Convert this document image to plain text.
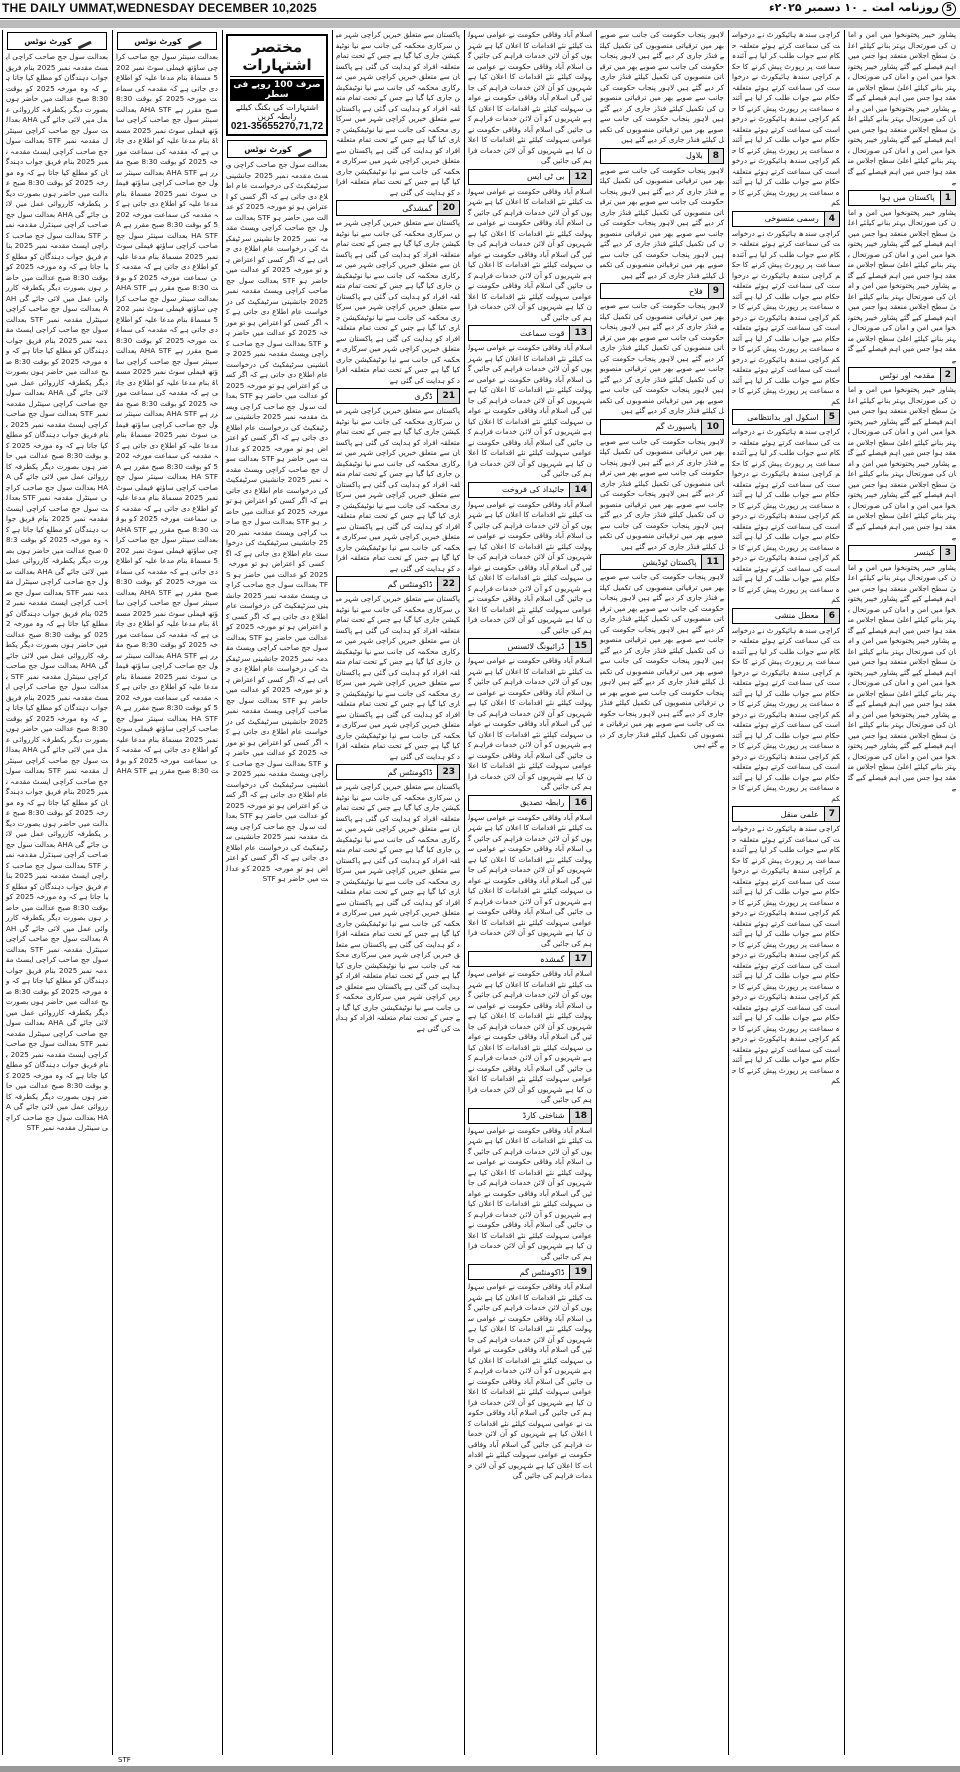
THE DAILY UMMAT,WEDNESDAY DECEMBER 10,2025	5روزنامہ امت ۔ ۱۰ دسمبر ۲۰۲۵ء
کورٹ نوٹس
بعدالت سول جج صاحب کراچی ایسٹ مقدمہ نمبر 2025 بنام فریق جواب دہندگان کو مطلع کیا جاتا ہے کہ وہ مورخہ 2025 کو بوقت 8:30 صبح عدالت میں حاضر ہوں بصورت دیگر یکطرفہ کارروائی عمل میں لائی جائے گی AHA بعدالت سول جج صاحب کراچی سینٹرل مقدمہ نمبر STF بعدالت سول جج صاحب کراچی ایسٹ مقدمہ نمبر 2025 بنام فریق جواب دہندگان کو مطلع کیا جاتا ہے کہ وہ مورخہ 2025 کو بوقت 8:30 صبح عدالت میں حاضر ہوں بصورت دیگر یکطرفہ کارروائی عمل میں لائی جائے گی AHA بعدالت سول جج صاحب کراچی سینٹرل مقدمہ نمبر STF بعدالت سول جج صاحب کراچی ایسٹ مقدمہ نمبر 2025 بنام فریق جواب دہندگان کو مطلع کیا جاتا ہے کہ وہ مورخہ 2025 کو بوقت 8:30 صبح عدالت میں حاضر ہوں بصورت دیگر یکطرفہ کارروائی عمل میں لائی جائے گی AHA بعدالت سول جج صاحب کراچی سینٹرل مقدمہ نمبر STF بعدالت سول جج صاحب کراچی ایسٹ مقدمہ نمبر 2025 بنام فریق جواب دہندگان کو مطلع کیا جاتا ہے کہ وہ مورخہ 2025 کو بوقت 8:30 صبح عدالت میں حاضر ہوں بصورت دیگر یکطرفہ کارروائی عمل میں لائی جائے گی AHA بعدالت سول جج صاحب کراچی سینٹرل مقدمہ نمبر STF بعدالت سول جج صاحب کراچی ایسٹ مقدمہ نمبر 2025 بنام فریق جواب دہندگان کو مطلع کیا جاتا ہے کہ وہ مورخہ 2025 کو بوقت 8:30 صبح عدالت میں حاضر ہوں بصورت دیگر یکطرفہ کارروائی عمل میں لائی جائے گی AHA بعدالت سول جج صاحب کراچی سینٹرل مقدمہ نمبر STF بعدالت سول جج صاحب کراچی ایسٹ مقدمہ نمبر 2025 بنام فریق جواب دہندگان کو مطلع کیا جاتا ہے کہ وہ مورخہ 2025 کو بوقت 8:30 صبح عدالت میں حاضر ہوں بصورت دیگر یکطرفہ کارروائی عمل میں لائی جائے گی AHA بعدالت سول جج صاحب کراچی سینٹرل مقدمہ نمبر STF بعدالت سول جج صاحب کراچی ایسٹ مقدمہ نمبر 2025 بنام فریق جواب دہندگان کو مطلع کیا جاتا ہے کہ وہ مورخہ 2025 کو بوقت 8:30 صبح عدالت میں حاضر ہوں بصورت دیگر یکطرفہ کارروائی عمل میں لائی جائے گی AHA بعدالت سول جج صاحب کراچی سینٹرل مقدمہ نمبر STF بعدالت سول جج صاحب کراچی ایسٹ مقدمہ نمبر 2025 بنام فریق جواب دہندگان کو مطلع کیا جاتا ہے کہ وہ مورخہ 2025 کو بوقت 8:30 صبح عدالت میں حاضر ہوں بصورت دیگر یکطرفہ کارروائی عمل میں لائی جائے گی AHA بعدالت سول جج صاحب کراچی سینٹرل مقدمہ نمبر STF بعدالت سول جج صاحب کراچی ایسٹ مقدمہ نمبر 2025 بنام فریق جواب دہندگان کو مطلع کیا جاتا ہے کہ وہ مورخہ 2025 کو بوقت 8:30 صبح عدالت میں حاضر ہوں بصورت دیگر یکطرفہ کارروائی عمل میں لائی جائے گی AHA بعدالت سول جج صاحب کراچی سینٹرل مقدمہ نمبر STF بعدالت سول جج صاحب کراچی ایسٹ مقدمہ نمبر 2025 بنام فریق جواب دہندگان کو مطلع کیا جاتا ہے کہ وہ مورخہ 2025 کو بوقت 8:30 صبح عدالت میں حاضر ہوں بصورت دیگر یکطرفہ کارروائی عمل میں لائی جائے گی AHA بعدالت سول جج صاحب کراچی سینٹرل مقدمہ نمبر STF بعدالت سول جج صاحب کراچی ایسٹ مقدمہ نمبر 2025 بنام فریق جواب دہندگان کو مطلع کیا جاتا ہے کہ وہ مورخہ 2025 کو بوقت 8:30 صبح عدالت میں حاضر ہوں بصورت دیگر یکطرفہ کارروائی عمل میں لائی جائے گی AHA بعدالت سول جج صاحب کراچی سینٹرل مقدمہ نمبر STF بعدالت سول جج صاحب کراچی ایسٹ مقدمہ نمبر 2025 بنام فریق جواب دہندگان کو مطلع کیا جاتا ہے کہ وہ مورخہ 2025 کو بوقت 8:30 صبح عدالت میں حاضر ہوں بصورت دیگر یکطرفہ کارروائی عمل میں لائی جائے گی AHA بعدالت سول جج صاحب کراچی سینٹرل مقدمہ نمبر STF
کورٹ نوٹس
بعدالت سینئر سول جج صاحب کراچی ساؤتھ فیملی سوٹ نمبر 2025 مسماۃ بنام مدعا علیہ کو اطلاع دی جاتی ہے کہ مقدمہ کی سماعت مورخہ 2025 کو بوقت 8:30 صبح مقرر ہے AHA STF بعدالت سینئر سول جج صاحب کراچی ساؤتھ فیملی سوٹ نمبر 2025 مسماۃ بنام مدعا علیہ کو اطلاع دی جاتی ہے کہ مقدمہ کی سماعت مورخہ 2025 کو بوقت 8:30 صبح مقرر ہے AHA STF بعدالت سینئر سول جج صاحب کراچی ساؤتھ فیملی سوٹ نمبر 2025 مسماۃ بنام مدعا علیہ کو اطلاع دی جاتی ہے کہ مقدمہ کی سماعت مورخہ 2025 کو بوقت 8:30 صبح مقرر ہے AHA STF بعدالت سینئر سول جج صاحب کراچی ساؤتھ فیملی سوٹ نمبر 2025 مسماۃ بنام مدعا علیہ کو اطلاع دی جاتی ہے کہ مقدمہ کی سماعت مورخہ 2025 کو بوقت 8:30 صبح مقرر ہے AHA STF بعدالت سینئر سول جج صاحب کراچی ساؤتھ فیملی سوٹ نمبر 2025 مسماۃ بنام مدعا علیہ کو اطلاع دی جاتی ہے کہ مقدمہ کی سماعت مورخہ 2025 کو بوقت 8:30 صبح مقرر ہے AHA STF بعدالت سینئر سول جج صاحب کراچی ساؤتھ فیملی سوٹ نمبر 2025 مسماۃ بنام مدعا علیہ کو اطلاع دی جاتی ہے کہ مقدمہ کی سماعت مورخہ 2025 کو بوقت 8:30 صبح مقرر ہے AHA STF بعدالت سینئر سول جج صاحب کراچی ساؤتھ فیملی سوٹ نمبر 2025 مسماۃ بنام مدعا علیہ کو اطلاع دی جاتی ہے کہ مقدمہ کی سماعت مورخہ 2025 کو بوقت 8:30 صبح مقرر ہے AHA STF بعدالت سینئر سول جج صاحب کراچی ساؤتھ فیملی سوٹ نمبر 2025 مسماۃ بنام مدعا علیہ کو اطلاع دی جاتی ہے کہ مقدمہ کی سماعت مورخہ 2025 کو بوقت 8:30 صبح مقرر ہے AHA STF بعدالت سینئر سول جج صاحب کراچی ساؤتھ فیملی سوٹ نمبر 2025 مسماۃ بنام مدعا علیہ کو اطلاع دی جاتی ہے کہ مقدمہ کی سماعت مورخہ 2025 کو بوقت 8:30 صبح مقرر ہے AHA STF بعدالت سینئر سول جج صاحب کراچی ساؤتھ فیملی سوٹ نمبر 2025 مسماۃ بنام مدعا علیہ کو اطلاع دی جاتی ہے کہ مقدمہ کی سماعت مورخہ 2025 کو بوقت 8:30 صبح مقرر ہے AHA STF بعدالت سینئر سول جج صاحب کراچی ساؤتھ فیملی سوٹ نمبر 2025 مسماۃ بنام مدعا علیہ کو اطلاع دی جاتی ہے کہ مقدمہ کی سماعت مورخہ 2025 کو بوقت 8:30 صبح مقرر ہے AHA STF بعدالت سینئر سول جج صاحب کراچی ساؤتھ فیملی سوٹ نمبر 2025 مسماۃ بنام مدعا علیہ کو اطلاع دی جاتی ہے کہ مقدمہ کی سماعت مورخہ 2025 کو بوقت 8:30 صبح مقرر ہے AHA STF
مختصر اشتہارات
صرف 100 روپے فی سطر
اشتہارات کی بکنگ کیلئے رابطہ کریں
021-35655270,71,72
کورٹ نوٹس
بعدالت سول جج صاحب کراچی ویسٹ مقدمہ نمبر 2025 جانشینی سرٹیفکیٹ کی درخواست عام اطلاع دی جاتی ہے کہ اگر کسی کو اعتراض ہو تو مورخہ 2025 کو عدالت میں حاضر ہو STF بعدالت سول جج صاحب کراچی ویسٹ مقدمہ نمبر 2025 جانشینی سرٹیفکیٹ کی درخواست عام اطلاع دی جاتی ہے کہ اگر کسی کو اعتراض ہو تو مورخہ 2025 کو عدالت میں حاضر ہو STF بعدالت سول جج صاحب کراچی ویسٹ مقدمہ نمبر 2025 جانشینی سرٹیفکیٹ کی درخواست عام اطلاع دی جاتی ہے کہ اگر کسی کو اعتراض ہو تو مورخہ 2025 کو عدالت میں حاضر ہو STF بعدالت سول جج صاحب کراچی ویسٹ مقدمہ نمبر 2025 جانشینی سرٹیفکیٹ کی درخواست عام اطلاع دی جاتی ہے کہ اگر کسی کو اعتراض ہو تو مورخہ 2025 کو عدالت میں حاضر ہو STF بعدالت سول جج صاحب کراچی ویسٹ مقدمہ نمبر 2025 جانشینی سرٹیفکیٹ کی درخواست عام اطلاع دی جاتی ہے کہ اگر کسی کو اعتراض ہو تو مورخہ 2025 کو عدالت میں حاضر ہو STF بعدالت سول جج صاحب کراچی ویسٹ مقدمہ نمبر 2025 جانشینی سرٹیفکیٹ کی درخواست عام اطلاع دی جاتی ہے کہ اگر کسی کو اعتراض ہو تو مورخہ 2025 کو عدالت میں حاضر ہو STF بعدالت سول جج صاحب کراچی ویسٹ مقدمہ نمبر 2025 جانشینی سرٹیفکیٹ کی درخواست عام اطلاع دی جاتی ہے کہ اگر کسی کو اعتراض ہو تو مورخہ 2025 کو عدالت میں حاضر ہو STF بعدالت سول جج صاحب کراچی ویسٹ مقدمہ نمبر 2025 جانشینی سرٹیفکیٹ کی درخواست عام اطلاع دی جاتی ہے کہ اگر کسی کو اعتراض ہو تو مورخہ 2025 کو عدالت میں حاضر ہو STF بعدالت سول جج صاحب کراچی ویسٹ مقدمہ نمبر 2025 جانشینی سرٹیفکیٹ کی درخواست عام اطلاع دی جاتی ہے کہ اگر کسی کو اعتراض ہو تو مورخہ 2025 کو عدالت میں حاضر ہو STF بعدالت سول جج صاحب کراچی ویسٹ مقدمہ نمبر 2025 جانشینی سرٹیفکیٹ کی درخواست عام اطلاع دی جاتی ہے کہ اگر کسی کو اعتراض ہو تو مورخہ 2025 کو عدالت میں حاضر ہو STF بعدالت سول جج صاحب کراچی ویسٹ مقدمہ نمبر 2025 جانشینی سرٹیفکیٹ کی درخواست عام اطلاع دی جاتی ہے کہ اگر کسی کو اعتراض ہو تو مورخہ 2025 کو عدالت میں حاضر ہو STF بعدالت سول جج صاحب کراچی ویسٹ مقدمہ نمبر 2025 جانشینی سرٹیفکیٹ کی درخواست عام اطلاع دی جاتی ہے کہ اگر کسی کو اعتراض ہو تو مورخہ 2025 کو عدالت میں حاضر ہو STF
پاکستان سے متعلق خبریں کراچی شہر میں سرکاری محکمہ کی جانب سے نیا نوٹیفکیشن جاری کیا گیا ہے جس کے تحت تمام متعلقہ افراد کو ہدایت کی گئی ہے پاکستان سے متعلق خبریں کراچی شہر میں سرکاری محکمہ کی جانب سے نیا نوٹیفکیشن جاری کیا گیا ہے جس کے تحت تمام متعلقہ افراد کو ہدایت کی گئی ہے پاکستان سے متعلق خبریں کراچی شہر میں سرکاری محکمہ کی جانب سے نیا نوٹیفکیشن جاری کیا گیا ہے جس کے تحت تمام متعلقہ افراد کو ہدایت کی گئی ہے پاکستان سے متعلق خبریں کراچی شہر میں سرکاری محکمہ کی جانب سے نیا نوٹیفکیشن جاری کیا گیا ہے جس کے تحت تمام متعلقہ افراد کو ہدایت کی گئی ہے
20
گمشدگی
پاکستان سے متعلق خبریں کراچی شہر میں سرکاری محکمہ کی جانب سے نیا نوٹیفکیشن جاری کیا گیا ہے جس کے تحت تمام متعلقہ افراد کو ہدایت کی گئی ہے پاکستان سے متعلق خبریں کراچی شہر میں سرکاری محکمہ کی جانب سے نیا نوٹیفکیشن جاری کیا گیا ہے جس کے تحت تمام متعلقہ افراد کو ہدایت کی گئی ہے پاکستان سے متعلق خبریں کراچی شہر میں سرکاری محکمہ کی جانب سے نیا نوٹیفکیشن جاری کیا گیا ہے جس کے تحت تمام متعلقہ افراد کو ہدایت کی گئی ہے پاکستان سے متعلق خبریں کراچی شہر میں سرکاری محکمہ کی جانب سے نیا نوٹیفکیشن جاری کیا گیا ہے جس کے تحت تمام متعلقہ افراد کو ہدایت کی گئی ہے
21
ڈگری
پاکستان سے متعلق خبریں کراچی شہر میں سرکاری محکمہ کی جانب سے نیا نوٹیفکیشن جاری کیا گیا ہے جس کے تحت تمام متعلقہ افراد کو ہدایت کی گئی ہے پاکستان سے متعلق خبریں کراچی شہر میں سرکاری محکمہ کی جانب سے نیا نوٹیفکیشن جاری کیا گیا ہے جس کے تحت تمام متعلقہ افراد کو ہدایت کی گئی ہے پاکستان سے متعلق خبریں کراچی شہر میں سرکاری محکمہ کی جانب سے نیا نوٹیفکیشن جاری کیا گیا ہے جس کے تحت تمام متعلقہ افراد کو ہدایت کی گئی ہے پاکستان سے متعلق خبریں کراچی شہر میں سرکاری محکمہ کی جانب سے نیا نوٹیفکیشن جاری کیا گیا ہے جس کے تحت تمام متعلقہ افراد کو ہدایت کی گئی ہے
22
ڈاکومنٹس گم
پاکستان سے متعلق خبریں کراچی شہر میں سرکاری محکمہ کی جانب سے نیا نوٹیفکیشن جاری کیا گیا ہے جس کے تحت تمام متعلقہ افراد کو ہدایت کی گئی ہے پاکستان سے متعلق خبریں کراچی شہر میں سرکاری محکمہ کی جانب سے نیا نوٹیفکیشن جاری کیا گیا ہے جس کے تحت تمام متعلقہ افراد کو ہدایت کی گئی ہے پاکستان سے متعلق خبریں کراچی شہر میں سرکاری محکمہ کی جانب سے نیا نوٹیفکیشن جاری کیا گیا ہے جس کے تحت تمام متعلقہ افراد کو ہدایت کی گئی ہے پاکستان سے متعلق خبریں کراچی شہر میں سرکاری محکمہ کی جانب سے نیا نوٹیفکیشن جاری کیا گیا ہے جس کے تحت تمام متعلقہ افراد کو ہدایت کی گئی ہے
23
ڈاکومنٹس گم
پاکستان سے متعلق خبریں کراچی شہر میں سرکاری محکمہ کی جانب سے نیا نوٹیفکیشن جاری کیا گیا ہے جس کے تحت تمام متعلقہ افراد کو ہدایت کی گئی ہے پاکستان سے متعلق خبریں کراچی شہر میں سرکاری محکمہ کی جانب سے نیا نوٹیفکیشن جاری کیا گیا ہے جس کے تحت تمام متعلقہ افراد کو ہدایت کی گئی ہے پاکستان سے متعلق خبریں کراچی شہر میں سرکاری محکمہ کی جانب سے نیا نوٹیفکیشن جاری کیا گیا ہے جس کے تحت تمام متعلقہ افراد کو ہدایت کی گئی ہے پاکستان سے متعلق خبریں کراچی شہر میں سرکاری محکمہ کی جانب سے نیا نوٹیفکیشن جاری کیا گیا ہے جس کے تحت تمام متعلقہ افراد کو ہدایت کی گئی ہے پاکستان سے متعلق خبریں کراچی شہر میں سرکاری محکمہ کی جانب سے نیا نوٹیفکیشن جاری کیا گیا ہے جس کے تحت تمام متعلقہ افراد کو ہدایت کی گئی ہے پاکستان سے متعلق خبریں کراچی شہر میں سرکاری محکمہ کی جانب سے نیا نوٹیفکیشن جاری کیا گیا ہے جس کے تحت تمام متعلقہ افراد کو ہدایت کی گئی ہے
اسلام آباد وفاقی حکومت نے عوامی سہولت کیلئے نئے اقدامات کا اعلان کیا ہے شہریوں کو آن لائن خدمات فراہم کی جائیں گی اسلام آباد وفاقی حکومت نے عوامی سہولت کیلئے نئے اقدامات کا اعلان کیا ہے شہریوں کو آن لائن خدمات فراہم کی جائیں گی اسلام آباد وفاقی حکومت نے عوامی سہولت کیلئے نئے اقدامات کا اعلان کیا ہے شہریوں کو آن لائن خدمات فراہم کی جائیں گی اسلام آباد وفاقی حکومت نے عوامی سہولت کیلئے نئے اقدامات کا اعلان کیا ہے شہریوں کو آن لائن خدمات فراہم کی جائیں گی
12
بی ٹی ایس
اسلام آباد وفاقی حکومت نے عوامی سہولت کیلئے نئے اقدامات کا اعلان کیا ہے شہریوں کو آن لائن خدمات فراہم کی جائیں گی اسلام آباد وفاقی حکومت نے عوامی سہولت کیلئے نئے اقدامات کا اعلان کیا ہے شہریوں کو آن لائن خدمات فراہم کی جائیں گی اسلام آباد وفاقی حکومت نے عوامی سہولت کیلئے نئے اقدامات کا اعلان کیا ہے شہریوں کو آن لائن خدمات فراہم کی جائیں گی اسلام آباد وفاقی حکومت نے عوامی سہولت کیلئے نئے اقدامات کا اعلان کیا ہے شہریوں کو آن لائن خدمات فراہم کی جائیں گی
13
قوت سماعت
اسلام آباد وفاقی حکومت نے عوامی سہولت کیلئے نئے اقدامات کا اعلان کیا ہے شہریوں کو آن لائن خدمات فراہم کی جائیں گی اسلام آباد وفاقی حکومت نے عوامی سہولت کیلئے نئے اقدامات کا اعلان کیا ہے شہریوں کو آن لائن خدمات فراہم کی جائیں گی اسلام آباد وفاقی حکومت نے عوامی سہولت کیلئے نئے اقدامات کا اعلان کیا ہے شہریوں کو آن لائن خدمات فراہم کی جائیں گی اسلام آباد وفاقی حکومت نے عوامی سہولت کیلئے نئے اقدامات کا اعلان کیا ہے شہریوں کو آن لائن خدمات فراہم کی جائیں گی
14
جائیداد کی فروخت
اسلام آباد وفاقی حکومت نے عوامی سہولت کیلئے نئے اقدامات کا اعلان کیا ہے شہریوں کو آن لائن خدمات فراہم کی جائیں گی اسلام آباد وفاقی حکومت نے عوامی سہولت کیلئے نئے اقدامات کا اعلان کیا ہے شہریوں کو آن لائن خدمات فراہم کی جائیں گی اسلام آباد وفاقی حکومت نے عوامی سہولت کیلئے نئے اقدامات کا اعلان کیا ہے شہریوں کو آن لائن خدمات فراہم کی جائیں گی اسلام آباد وفاقی حکومت نے عوامی سہولت کیلئے نئے اقدامات کا اعلان کیا ہے شہریوں کو آن لائن خدمات فراہم کی جائیں گی
15
ڈرائیونگ لائسنس
اسلام آباد وفاقی حکومت نے عوامی سہولت کیلئے نئے اقدامات کا اعلان کیا ہے شہریوں کو آن لائن خدمات فراہم کی جائیں گی اسلام آباد وفاقی حکومت نے عوامی سہولت کیلئے نئے اقدامات کا اعلان کیا ہے شہریوں کو آن لائن خدمات فراہم کی جائیں گی اسلام آباد وفاقی حکومت نے عوامی سہولت کیلئے نئے اقدامات کا اعلان کیا ہے شہریوں کو آن لائن خدمات فراہم کی جائیں گی اسلام آباد وفاقی حکومت نے عوامی سہولت کیلئے نئے اقدامات کا اعلان کیا ہے شہریوں کو آن لائن خدمات فراہم کی جائیں گی
16
رابطہ تصدیق
اسلام آباد وفاقی حکومت نے عوامی سہولت کیلئے نئے اقدامات کا اعلان کیا ہے شہریوں کو آن لائن خدمات فراہم کی جائیں گی اسلام آباد وفاقی حکومت نے عوامی سہولت کیلئے نئے اقدامات کا اعلان کیا ہے شہریوں کو آن لائن خدمات فراہم کی جائیں گی اسلام آباد وفاقی حکومت نے عوامی سہولت کیلئے نئے اقدامات کا اعلان کیا ہے شہریوں کو آن لائن خدمات فراہم کی جائیں گی اسلام آباد وفاقی حکومت نے عوامی سہولت کیلئے نئے اقدامات کا اعلان کیا ہے شہریوں کو آن لائن خدمات فراہم کی جائیں گی
17
گمشدہ
اسلام آباد وفاقی حکومت نے عوامی سہولت کیلئے نئے اقدامات کا اعلان کیا ہے شہریوں کو آن لائن خدمات فراہم کی جائیں گی اسلام آباد وفاقی حکومت نے عوامی سہولت کیلئے نئے اقدامات کا اعلان کیا ہے شہریوں کو آن لائن خدمات فراہم کی جائیں گی اسلام آباد وفاقی حکومت نے عوامی سہولت کیلئے نئے اقدامات کا اعلان کیا ہے شہریوں کو آن لائن خدمات فراہم کی جائیں گی اسلام آباد وفاقی حکومت نے عوامی سہولت کیلئے نئے اقدامات کا اعلان کیا ہے شہریوں کو آن لائن خدمات فراہم کی جائیں گی
18
شناختی کارڈ
اسلام آباد وفاقی حکومت نے عوامی سہولت کیلئے نئے اقدامات کا اعلان کیا ہے شہریوں کو آن لائن خدمات فراہم کی جائیں گی اسلام آباد وفاقی حکومت نے عوامی سہولت کیلئے نئے اقدامات کا اعلان کیا ہے شہریوں کو آن لائن خدمات فراہم کی جائیں گی اسلام آباد وفاقی حکومت نے عوامی سہولت کیلئے نئے اقدامات کا اعلان کیا ہے شہریوں کو آن لائن خدمات فراہم کی جائیں گی اسلام آباد وفاقی حکومت نے عوامی سہولت کیلئے نئے اقدامات کا اعلان کیا ہے شہریوں کو آن لائن خدمات فراہم کی جائیں گی
19
ڈاکومنٹس گم
اسلام آباد وفاقی حکومت نے عوامی سہولت کیلئے نئے اقدامات کا اعلان کیا ہے شہریوں کو آن لائن خدمات فراہم کی جائیں گی اسلام آباد وفاقی حکومت نے عوامی سہولت کیلئے نئے اقدامات کا اعلان کیا ہے شہریوں کو آن لائن خدمات فراہم کی جائیں گی اسلام آباد وفاقی حکومت نے عوامی سہولت کیلئے نئے اقدامات کا اعلان کیا ہے شہریوں کو آن لائن خدمات فراہم کی جائیں گی اسلام آباد وفاقی حکومت نے عوامی سہولت کیلئے نئے اقدامات کا اعلان کیا ہے شہریوں کو آن لائن خدمات فراہم کی جائیں گی اسلام آباد وفاقی حکومت نے عوامی سہولت کیلئے نئے اقدامات کا اعلان کیا ہے شہریوں کو آن لائن خدمات فراہم کی جائیں گی اسلام آباد وفاقی حکومت نے عوامی سہولت کیلئے نئے اقدامات کا اعلان کیا ہے شہریوں کو آن لائن خدمات فراہم کی جائیں گی
لاہور پنجاب حکومت کی جانب سے صوبے بھر میں ترقیاتی منصوبوں کی تکمیل کیلئے فنڈز جاری کر دیے گئے ہیں لاہور پنجاب حکومت کی جانب سے صوبے بھر میں ترقیاتی منصوبوں کی تکمیل کیلئے فنڈز جاری کر دیے گئے ہیں لاہور پنجاب حکومت کی جانب سے صوبے بھر میں ترقیاتی منصوبوں کی تکمیل کیلئے فنڈز جاری کر دیے گئے ہیں لاہور پنجاب حکومت کی جانب سے صوبے بھر میں ترقیاتی منصوبوں کی تکمیل کیلئے فنڈز جاری کر دیے گئے ہیں
8
بلاول
لاہور پنجاب حکومت کی جانب سے صوبے بھر میں ترقیاتی منصوبوں کی تکمیل کیلئے فنڈز جاری کر دیے گئے ہیں لاہور پنجاب حکومت کی جانب سے صوبے بھر میں ترقیاتی منصوبوں کی تکمیل کیلئے فنڈز جاری کر دیے گئے ہیں لاہور پنجاب حکومت کی جانب سے صوبے بھر میں ترقیاتی منصوبوں کی تکمیل کیلئے فنڈز جاری کر دیے گئے ہیں لاہور پنجاب حکومت کی جانب سے صوبے بھر میں ترقیاتی منصوبوں کی تکمیل کیلئے فنڈز جاری کر دیے گئے ہیں
9
فلاح
لاہور پنجاب حکومت کی جانب سے صوبے بھر میں ترقیاتی منصوبوں کی تکمیل کیلئے فنڈز جاری کر دیے گئے ہیں لاہور پنجاب حکومت کی جانب سے صوبے بھر میں ترقیاتی منصوبوں کی تکمیل کیلئے فنڈز جاری کر دیے گئے ہیں لاہور پنجاب حکومت کی جانب سے صوبے بھر میں ترقیاتی منصوبوں کی تکمیل کیلئے فنڈز جاری کر دیے گئے ہیں لاہور پنجاب حکومت کی جانب سے صوبے بھر میں ترقیاتی منصوبوں کی تکمیل کیلئے فنڈز جاری کر دیے گئے ہیں
10
پاسپورٹ گم
لاہور پنجاب حکومت کی جانب سے صوبے بھر میں ترقیاتی منصوبوں کی تکمیل کیلئے فنڈز جاری کر دیے گئے ہیں لاہور پنجاب حکومت کی جانب سے صوبے بھر میں ترقیاتی منصوبوں کی تکمیل کیلئے فنڈز جاری کر دیے گئے ہیں لاہور پنجاب حکومت کی جانب سے صوبے بھر میں ترقیاتی منصوبوں کی تکمیل کیلئے فنڈز جاری کر دیے گئے ہیں لاہور پنجاب حکومت کی جانب سے صوبے بھر میں ترقیاتی منصوبوں کی تکمیل کیلئے فنڈز جاری کر دیے گئے ہیں
11
پاکستان ٹوڈیشن
لاہور پنجاب حکومت کی جانب سے صوبے بھر میں ترقیاتی منصوبوں کی تکمیل کیلئے فنڈز جاری کر دیے گئے ہیں لاہور پنجاب حکومت کی جانب سے صوبے بھر میں ترقیاتی منصوبوں کی تکمیل کیلئے فنڈز جاری کر دیے گئے ہیں لاہور پنجاب حکومت کی جانب سے صوبے بھر میں ترقیاتی منصوبوں کی تکمیل کیلئے فنڈز جاری کر دیے گئے ہیں لاہور پنجاب حکومت کی جانب سے صوبے بھر میں ترقیاتی منصوبوں کی تکمیل کیلئے فنڈز جاری کر دیے گئے ہیں لاہور پنجاب حکومت کی جانب سے صوبے بھر میں ترقیاتی منصوبوں کی تکمیل کیلئے فنڈز جاری کر دیے گئے ہیں لاہور پنجاب حکومت کی جانب سے صوبے بھر میں ترقیاتی منصوبوں کی تکمیل کیلئے فنڈز جاری کر دیے گئے ہیں
کراچی سندھ ہائیکورٹ نے درخواست کی سماعت کرتے ہوئے متعلقہ حکام سے جواب طلب کر لیا ہے آئندہ سماعت پر رپورٹ پیش کرنے کا حکم کراچی سندھ ہائیکورٹ نے درخواست کی سماعت کرتے ہوئے متعلقہ حکام سے جواب طلب کر لیا ہے آئندہ سماعت پر رپورٹ پیش کرنے کا حکم کراچی سندھ ہائیکورٹ نے درخواست کی سماعت کرتے ہوئے متعلقہ حکام سے جواب طلب کر لیا ہے آئندہ سماعت پر رپورٹ پیش کرنے کا حکم کراچی سندھ ہائیکورٹ نے درخواست کی سماعت کرتے ہوئے متعلقہ حکام سے جواب طلب کر لیا ہے آئندہ سماعت پر رپورٹ پیش کرنے کا حکم
4
رسمی منسوخی
کراچی سندھ ہائیکورٹ نے درخواست کی سماعت کرتے ہوئے متعلقہ حکام سے جواب طلب کر لیا ہے آئندہ سماعت پر رپورٹ پیش کرنے کا حکم کراچی سندھ ہائیکورٹ نے درخواست کی سماعت کرتے ہوئے متعلقہ حکام سے جواب طلب کر لیا ہے آئندہ سماعت پر رپورٹ پیش کرنے کا حکم کراچی سندھ ہائیکورٹ نے درخواست کی سماعت کرتے ہوئے متعلقہ حکام سے جواب طلب کر لیا ہے آئندہ سماعت پر رپورٹ پیش کرنے کا حکم کراچی سندھ ہائیکورٹ نے درخواست کی سماعت کرتے ہوئے متعلقہ حکام سے جواب طلب کر لیا ہے آئندہ سماعت پر رپورٹ پیش کرنے کا حکم
5
اسکول اور بدانتظامی
کراچی سندھ ہائیکورٹ نے درخواست کی سماعت کرتے ہوئے متعلقہ حکام سے جواب طلب کر لیا ہے آئندہ سماعت پر رپورٹ پیش کرنے کا حکم کراچی سندھ ہائیکورٹ نے درخواست کی سماعت کرتے ہوئے متعلقہ حکام سے جواب طلب کر لیا ہے آئندہ سماعت پر رپورٹ پیش کرنے کا حکم کراچی سندھ ہائیکورٹ نے درخواست کی سماعت کرتے ہوئے متعلقہ حکام سے جواب طلب کر لیا ہے آئندہ سماعت پر رپورٹ پیش کرنے کا حکم کراچی سندھ ہائیکورٹ نے درخواست کی سماعت کرتے ہوئے متعلقہ حکام سے جواب طلب کر لیا ہے آئندہ سماعت پر رپورٹ پیش کرنے کا حکم
6
معطل منشی
کراچی سندھ ہائیکورٹ نے درخواست کی سماعت کرتے ہوئے متعلقہ حکام سے جواب طلب کر لیا ہے آئندہ سماعت پر رپورٹ پیش کرنے کا حکم کراچی سندھ ہائیکورٹ نے درخواست کی سماعت کرتے ہوئے متعلقہ حکام سے جواب طلب کر لیا ہے آئندہ سماعت پر رپورٹ پیش کرنے کا حکم کراچی سندھ ہائیکورٹ نے درخواست کی سماعت کرتے ہوئے متعلقہ حکام سے جواب طلب کر لیا ہے آئندہ سماعت پر رپورٹ پیش کرنے کا حکم کراچی سندھ ہائیکورٹ نے درخواست کی سماعت کرتے ہوئے متعلقہ حکام سے جواب طلب کر لیا ہے آئندہ سماعت پر رپورٹ پیش کرنے کا حکم
7
علمی منقل
کراچی سندھ ہائیکورٹ نے درخواست کی سماعت کرتے ہوئے متعلقہ حکام سے جواب طلب کر لیا ہے آئندہ سماعت پر رپورٹ پیش کرنے کا حکم کراچی سندھ ہائیکورٹ نے درخواست کی سماعت کرتے ہوئے متعلقہ حکام سے جواب طلب کر لیا ہے آئندہ سماعت پر رپورٹ پیش کرنے کا حکم کراچی سندھ ہائیکورٹ نے درخواست کی سماعت کرتے ہوئے متعلقہ حکام سے جواب طلب کر لیا ہے آئندہ سماعت پر رپورٹ پیش کرنے کا حکم کراچی سندھ ہائیکورٹ نے درخواست کی سماعت کرتے ہوئے متعلقہ حکام سے جواب طلب کر لیا ہے آئندہ سماعت پر رپورٹ پیش کرنے کا حکم کراچی سندھ ہائیکورٹ نے درخواست کی سماعت کرتے ہوئے متعلقہ حکام سے جواب طلب کر لیا ہے آئندہ سماعت پر رپورٹ پیش کرنے کا حکم کراچی سندھ ہائیکورٹ نے درخواست کی سماعت کرتے ہوئے متعلقہ حکام سے جواب طلب کر لیا ہے آئندہ سماعت پر رپورٹ پیش کرنے کا حکم
پشاور خیبر پختونخوا میں امن و امان کی صورتحال بہتر بنانے کیلئے اعلیٰ سطح اجلاس منعقد ہوا جس میں اہم فیصلے کیے گئے پشاور خیبر پختونخوا میں امن و امان کی صورتحال بہتر بنانے کیلئے اعلیٰ سطح اجلاس منعقد ہوا جس میں اہم فیصلے کیے گئے پشاور خیبر پختونخوا میں امن و امان کی صورتحال بہتر بنانے کیلئے اعلیٰ سطح اجلاس منعقد ہوا جس میں اہم فیصلے کیے گئے پشاور خیبر پختونخوا میں امن و امان کی صورتحال بہتر بنانے کیلئے اعلیٰ سطح اجلاس منعقد ہوا جس میں اہم فیصلے کیے گئے
1
پاکستان میں ہوا
پشاور خیبر پختونخوا میں امن و امان کی صورتحال بہتر بنانے کیلئے اعلیٰ سطح اجلاس منعقد ہوا جس میں اہم فیصلے کیے گئے پشاور خیبر پختونخوا میں امن و امان کی صورتحال بہتر بنانے کیلئے اعلیٰ سطح اجلاس منعقد ہوا جس میں اہم فیصلے کیے گئے پشاور خیبر پختونخوا میں امن و امان کی صورتحال بہتر بنانے کیلئے اعلیٰ سطح اجلاس منعقد ہوا جس میں اہم فیصلے کیے گئے پشاور خیبر پختونخوا میں امن و امان کی صورتحال بہتر بنانے کیلئے اعلیٰ سطح اجلاس منعقد ہوا جس میں اہم فیصلے کیے گئے
2
مقدمہ اور نوٹس
پشاور خیبر پختونخوا میں امن و امان کی صورتحال بہتر بنانے کیلئے اعلیٰ سطح اجلاس منعقد ہوا جس میں اہم فیصلے کیے گئے پشاور خیبر پختونخوا میں امن و امان کی صورتحال بہتر بنانے کیلئے اعلیٰ سطح اجلاس منعقد ہوا جس میں اہم فیصلے کیے گئے پشاور خیبر پختونخوا میں امن و امان کی صورتحال بہتر بنانے کیلئے اعلیٰ سطح اجلاس منعقد ہوا جس میں اہم فیصلے کیے گئے پشاور خیبر پختونخوا میں امن و امان کی صورتحال بہتر بنانے کیلئے اعلیٰ سطح اجلاس منعقد ہوا جس میں اہم فیصلے کیے گئے
3
کینسر
پشاور خیبر پختونخوا میں امن و امان کی صورتحال بہتر بنانے کیلئے اعلیٰ سطح اجلاس منعقد ہوا جس میں اہم فیصلے کیے گئے پشاور خیبر پختونخوا میں امن و امان کی صورتحال بہتر بنانے کیلئے اعلیٰ سطح اجلاس منعقد ہوا جس میں اہم فیصلے کیے گئے پشاور خیبر پختونخوا میں امن و امان کی صورتحال بہتر بنانے کیلئے اعلیٰ سطح اجلاس منعقد ہوا جس میں اہم فیصلے کیے گئے پشاور خیبر پختونخوا میں امن و امان کی صورتحال بہتر بنانے کیلئے اعلیٰ سطح اجلاس منعقد ہوا جس میں اہم فیصلے کیے گئے پشاور خیبر پختونخوا میں امن و امان کی صورتحال بہتر بنانے کیلئے اعلیٰ سطح اجلاس منعقد ہوا جس میں اہم فیصلے کیے گئے پشاور خیبر پختونخوا میں امن و امان کی صورتحال بہتر بنانے کیلئے اعلیٰ سطح اجلاس منعقد ہوا جس میں اہم فیصلے کیے گئے
STF
